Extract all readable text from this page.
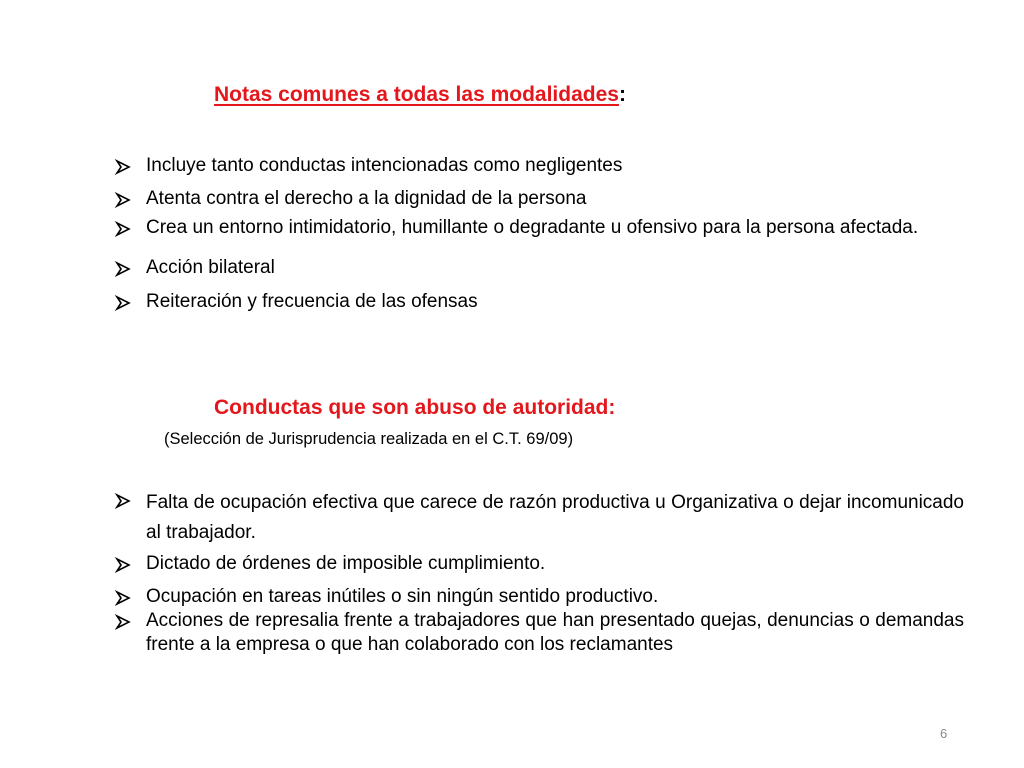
Notas comunes a todas las modalidades:
Incluye tanto conductas intencionadas como negligentes
Atenta contra el derecho a la dignidad de la persona
Crea un entorno intimidatorio, humillante o degradante u ofensivo para la persona afectada.
Acción bilateral
Reiteración y frecuencia de las ofensas
Conductas que son abuso de autoridad:
(Selección de Jurisprudencia realizada en el C.T. 69/09)
Falta de ocupación efectiva que carece de razón productiva u Organizativa o dejar incomunicado al trabajador.
Dictado de órdenes de imposible cumplimiento.
Ocupación en tareas inútiles o sin ningún sentido productivo.
Acciones de represalia frente a trabajadores que han presentado quejas, denuncias o demandas frente a la empresa o que han colaborado con los reclamantes
6
